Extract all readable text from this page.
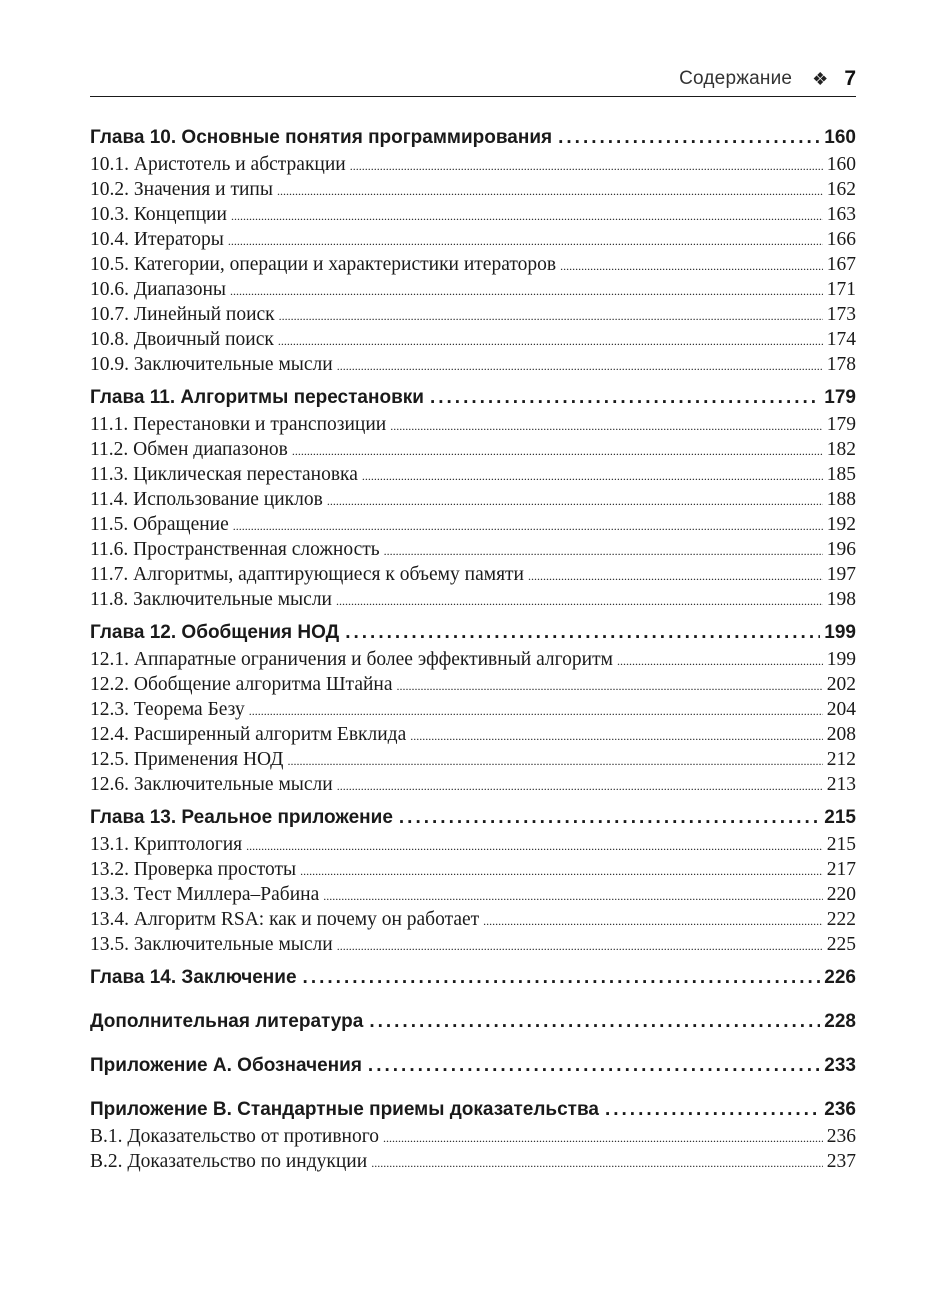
Содержание ❖ 7
Глава 10. Основные понятия программирования .....	160
10.1. Аристотель и абстракции .....	160
10.2. Значения и типы .....	162
10.3. Концепции .....	163
10.4. Итераторы .....	166
10.5. Категории, операции и характеристики итераторов .....	167
10.6. Диапазоны .....	171
10.7. Линейный поиск .....	173
10.8. Двоичный поиск .....	174
10.9. Заключительные мысли .....	178
Глава 11. Алгоритмы перестановки .....	179
11.1. Перестановки и транспозиции .....	179
11.2. Обмен диапазонов .....	182
11.3. Циклическая перестановка .....	185
11.4. Использование циклов .....	188
11.5. Обращение .....	192
11.6. Пространственная сложность .....	196
11.7. Алгоритмы, адаптирующиеся к объему памяти .....	197
11.8. Заключительные мысли .....	198
Глава 12. Обобщения НОД .....	199
12.1. Аппаратные ограничения и более эффективный алгоритм .....	199
12.2. Обобщение алгоритма Штайна .....	202
12.3. Теорема Безу .....	204
12.4. Расширенный алгоритм Евклида .....	208
12.5. Применения НОД .....	212
12.6. Заключительные мысли .....	213
Глава 13. Реальное приложение .....	215
13.1. Криптология .....	215
13.2. Проверка простоты .....	217
13.3. Тест Миллера–Рабина .....	220
13.4. Алгоритм RSA: как и почему он работает .....	222
13.5. Заключительные мысли .....	225
Глава 14. Заключение .....	226
Дополнительная литература .....	228
Приложение А. Обозначения .....	233
Приложение В. Стандартные приемы доказательства .....	236
B.1. Доказательство от противного .....	236
B.2. Доказательство по индукции .....	237
